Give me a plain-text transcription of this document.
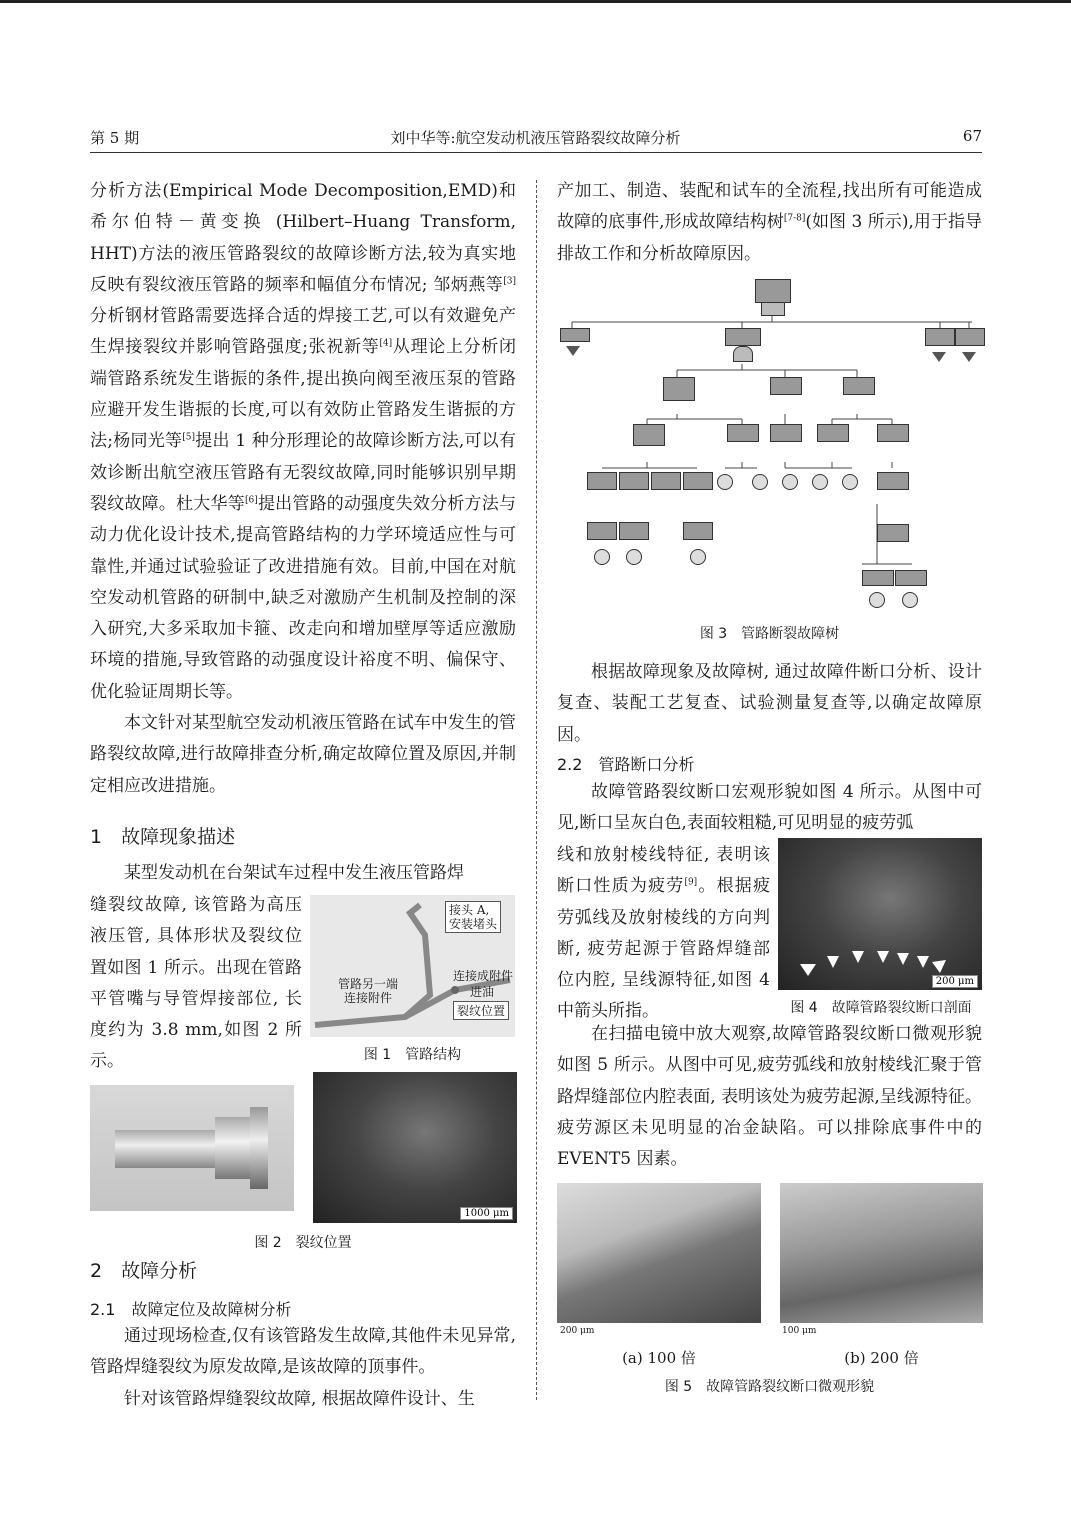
第 5 期	刘中华等:航空发动机液压管路裂纹故障分析	67

分析方法(Empirical Mode Decomposition,EMD)和希尔伯特－黄变换 (Hilbert–Huang Transform, HHT)方法的液压管路裂纹的故障诊断方法,较为真实地反映有裂纹液压管路的频率和幅值分布情况; 邹炳燕等[3]分析钢材管路需要选择合适的焊接工艺,可以有效避免产生焊接裂纹并影响管路强度;张祝新等[4]从理论上分析闭端管路系统发生谐振的条件,提出换向阀至液压泵的管路应避开发生谐振的长度,可以有效防止管路发生谐振的方法;杨同光等[5]提出 1 种分形理论的故障诊断方法,可以有效诊断出航空液压管路有无裂纹故障,同时能够识别早期裂纹故障。杜大华等[6]提出管路的动强度失效分析方法与动力优化设计技术,提高管路结构的力学环境适应性与可靠性,并通过试验验证了改进措施有效。目前,中国在对航空发动机管路的研制中,缺乏对激励产生机制及控制的深入研究,大多采取加卡箍、改走向和增加壁厚等适应激励环境的措施,导致管路的动强度设计裕度不明、偏保守、优化验证周期长等。

本文针对某型航空发动机液压管路在试车中发生的管路裂纹故障,进行故障排查分析,确定故障位置及原因,并制定相应改进措施。

1　故障现象描述

某型发动机在台架试车过程中发生液压管路焊

缝裂纹故障, 该管路为高压液压管, 具体形状及裂纹位置如图 1 所示。出现在管路平管嘴与导管焊接部位, 长度约为 3.8 mm,如图 2 所示。

接头 A,
安装堵头
连接成附件
进油
管路另一端
连接附件
裂纹位置
图 1　管路结构
1000 μm
图 2　裂纹位置
2　故障分析
2.1　故障定位及故障树分析

通过现场检查,仅有该管路发生故障,其他件未见异常,管路焊缝裂纹为原发故障,是该故障的顶事件。

针对该管路焊缝裂纹故障, 根据故障件设计、生

产加工、制造、装配和试车的全流程,找出所有可能造成故障的底事件,形成故障结构树[7-8](如图 3 所示),用于指导排故工作和分析故障原因。

图 3　管路断裂故障树

根据故障现象及故障树, 通过故障件断口分析、设计复查、装配工艺复查、试验测量复查等,以确定故障原因。

2.2　管路断口分析

故障管路裂纹断口宏观形貌如图 4 所示。从图中可见,断口呈灰白色,表面较粗糙,可见明显的疲劳弧

线和放射棱线特征, 表明该断口性质为疲劳[9]。根据疲劳弧线及放射棱线的方向判断, 疲劳起源于管路焊缝部位内腔, 呈线源特征,如图 4 中箭头所指。

200 μm
图 4　故障管路裂纹断口剖面

在扫描电镜中放大观察,故障管路裂纹断口微观形貌如图 5 所示。从图中可见,疲劳弧线和放射棱线汇聚于管路焊缝部位内腔表面, 表明该处为疲劳起源,呈线源特征。疲劳源区未见明显的冶金缺陷。可以排除底事件中的 EVENT5 因素。

200 μm	100 μm
(a) 100 倍	(b) 200 倍
图 5　故障管路裂纹断口微观形貌
